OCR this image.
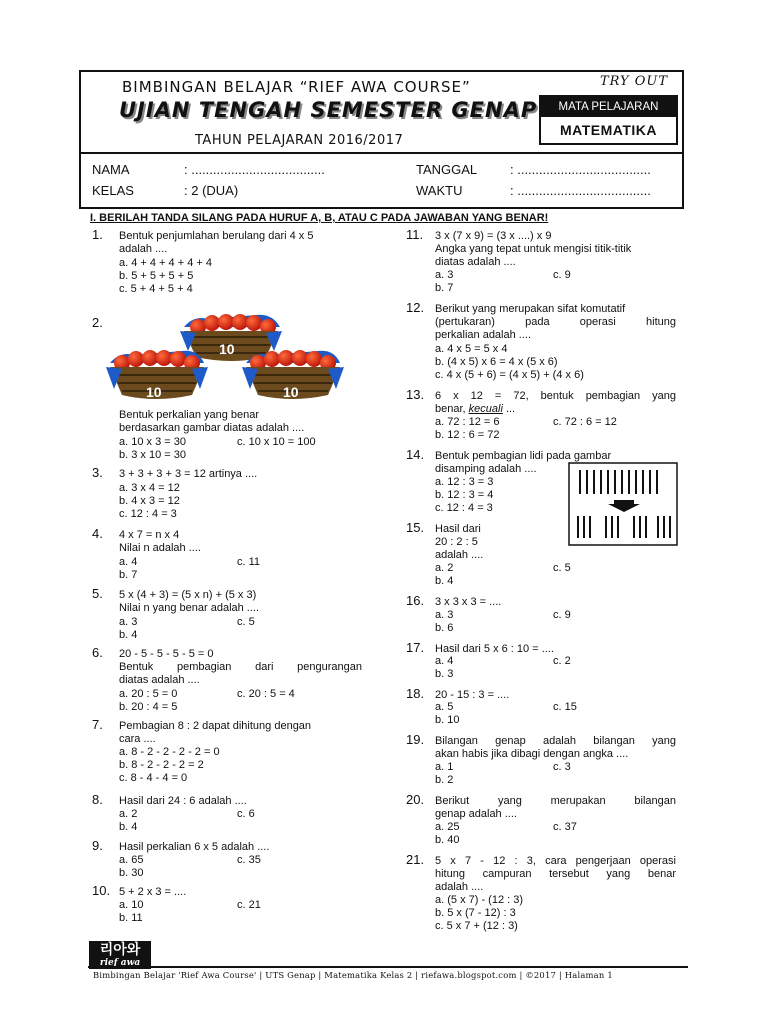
BIMBINGAN BELAJAR “RIEF AWA COURSE”	TRY OUT
UJIAN TENGAH SEMESTER GENAP	MATA PELAJARAN
MATEMATIKA
TAHUN PELAJARAN 2016/2017
NAMA	: .....................................
KELAS	: 2 (DUA)
TANGGAL	: .....................................
WAKTU	: .....................................
I. BERILAH TANDA SILANG PADA HURUF A, B, ATAU C PADA JAWABAN YANG BENAR!
1. Bentuk penjumlahan berulang dari 4 x 5
adalah ....
a. 4 + 4 + 4 + 4 + 4
b. 5 + 5 + 5 + 5
c. 5 + 4 + 5 + 4
2.
10
10	10
Bentuk perkalian yang benar
berdasarkan gambar diatas adalah ....
a. 10 x 3 = 30	c. 10 x 10 = 100
b. 3 x 10 = 30
3. 3 + 3 + 3 + 3 = 12 artinya ....
a. 3 x 4 = 12
b. 4 x 3 = 12
c. 12 : 4 = 3
4. 4 x 7 = n x 4
Nilai n adalah ....
a. 4	c. 11
b. 7
5. 5 x (4 + 3) = (5 x n) + (5 x 3)
Nilai n yang benar adalah ....
a. 3	c. 5
b. 4
6. 20 - 5 - 5 - 5 - 5 = 0
Bentuk pembagian dari pengurangan
diatas adalah ....
a. 20 : 5 = 0	c. 20 : 5 = 4
b. 20 : 4 = 5
7. Pembagian 8 : 2 dapat dihitung dengan
cara ....
a. 8 - 2 - 2 - 2 - 2 = 0
b. 8 - 2 - 2 - 2 = 2
c. 8 - 4 - 4 = 0
8. Hasil dari 24 : 6 adalah ....
a. 2	c. 6
b. 4
9. Hasil perkalian 6 x 5 adalah ....
a. 65	c. 35
b. 30
10. 5 + 2 x 3 = ....
a. 10	c. 21
b. 11
11. 3 x (7 x 9) = (3 x ....) x 9
Angka yang tepat untuk mengisi titik-titik
diatas adalah ....
a. 3	c. 9
b. 7
12. Berikut yang merupakan sifat komutatif
(pertukaran) pada operasi hitung
perkalian adalah ....
a. 4 x 5 = 5 x 4
b. (4 x 5) x 6 = 4 x (5 x 6)
c. 4 x (5 + 6) = (4 x 5) + (4 x 6)
13. 6 x 12 = 72, bentuk pembagian yang
benar, kecuali ...
a. 72 : 12 = 6	c. 72 : 6 = 12
b. 12 : 6 = 72
14. Bentuk pembagian lidi pada gambar
disamping adalah ....
a. 12 : 3 = 3
b. 12 : 3 = 4
c. 12 : 4 = 3
15. Hasil dari
20 : 2 : 5
adalah ....
a. 2	c. 5
b. 4
16. 3 x 3 x 3 = ....
a. 3	c. 9
b. 6
17. Hasil dari 5 x 6 : 10 = ....
a. 4	c. 2
b. 3
18. 20 - 15 : 3 = ....
a. 5	c. 15
b. 10
19. Bilangan genap adalah bilangan yang
akan habis jika dibagi dengan angka ....
a. 1	c. 3
b. 2
20. Berikut yang merupakan bilangan
genap adalah ....
a. 25	c. 37
b. 40
21. 5 x 7 - 12 : 3, cara pengerjaan operasi
hitung campuran tersebut yang benar
adalah ....
a. (5 x 7) - (12 : 3)
b. 5 x (7 - 12) : 3
c. 5 x 7 + (12 : 3)
리아와
rief awa
Bimbingan Belajar 'Rief Awa Course' | UTS Genap | Matematika Kelas 2 | riefawa.blogspot.com | ©2017 | Halaman 1
